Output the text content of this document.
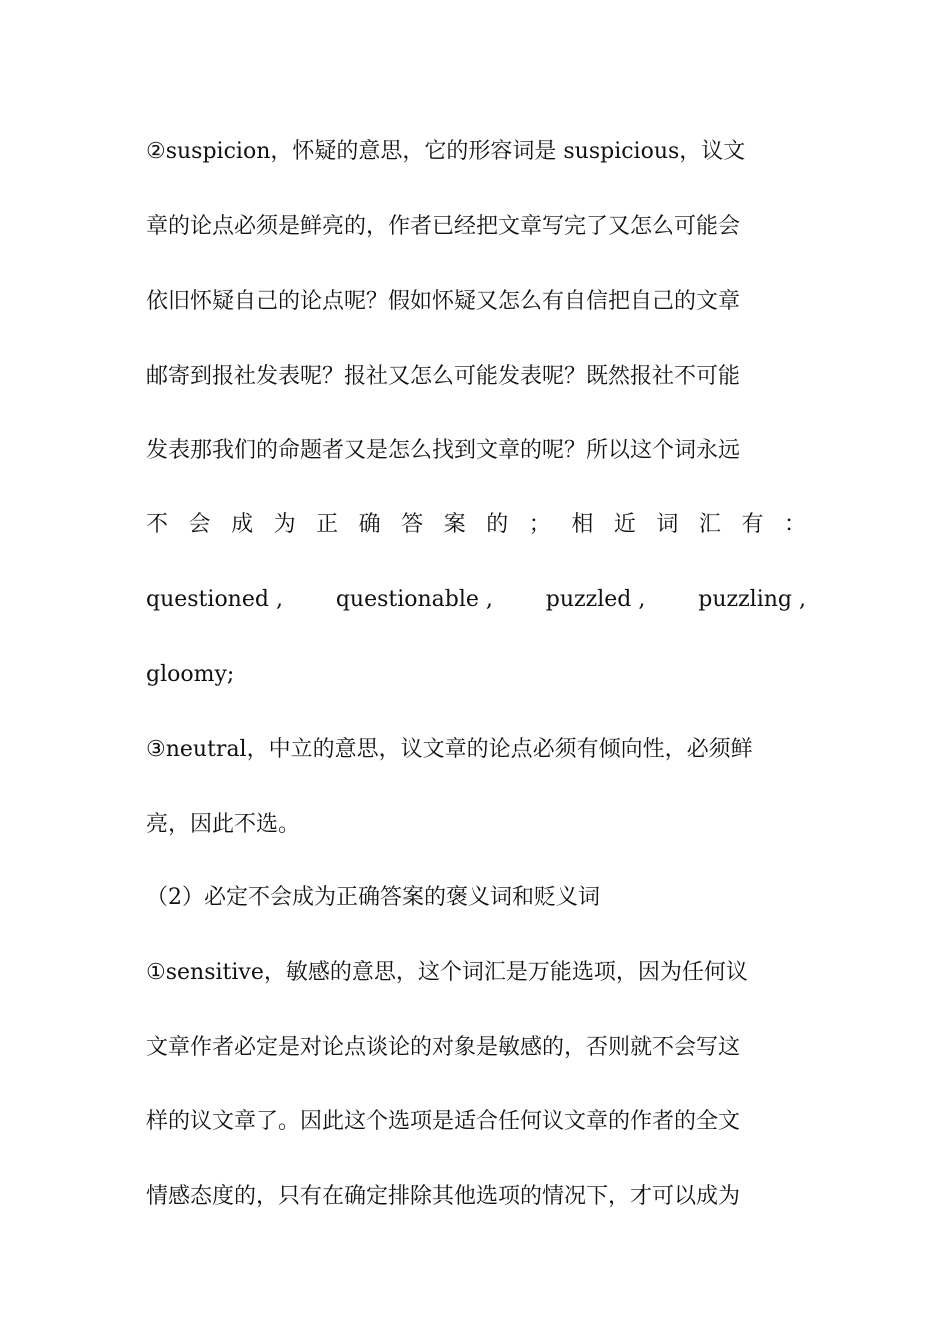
②suspicion，怀疑的意思，它的形容词是 suspicious，议文
章的论点必须是鲜亮的，作者已经把文章写完了又怎么可能会
依旧怀疑自己的论点呢？假如怀疑又怎么有自信把自己的文章
邮寄到报社发表呢？报社又怎么可能发表呢？既然报社不可能
发表那我们的命题者又是怎么找到文章的呢？所以这个词永远
不 会 成 为 正 确 答 案 的 ； 相 近 词 汇 有 ：
questioned , questionable , puzzled , puzzling ,
gloomy;
③neutral，中立的意思，议文章的论点必须有倾向性，必须鲜
亮，因此不选。
（2）必定不会成为正确答案的褒义词和贬义词
①sensitive，敏感的意思，这个词汇是万能选项，因为任何议
文章作者必定是对论点谈论的对象是敏感的，否则就不会写这
样的议文章了。因此这个选项是适合任何议文章的作者的全文
情感态度的，只有在确定排除其他选项的情况下，才可以成为
